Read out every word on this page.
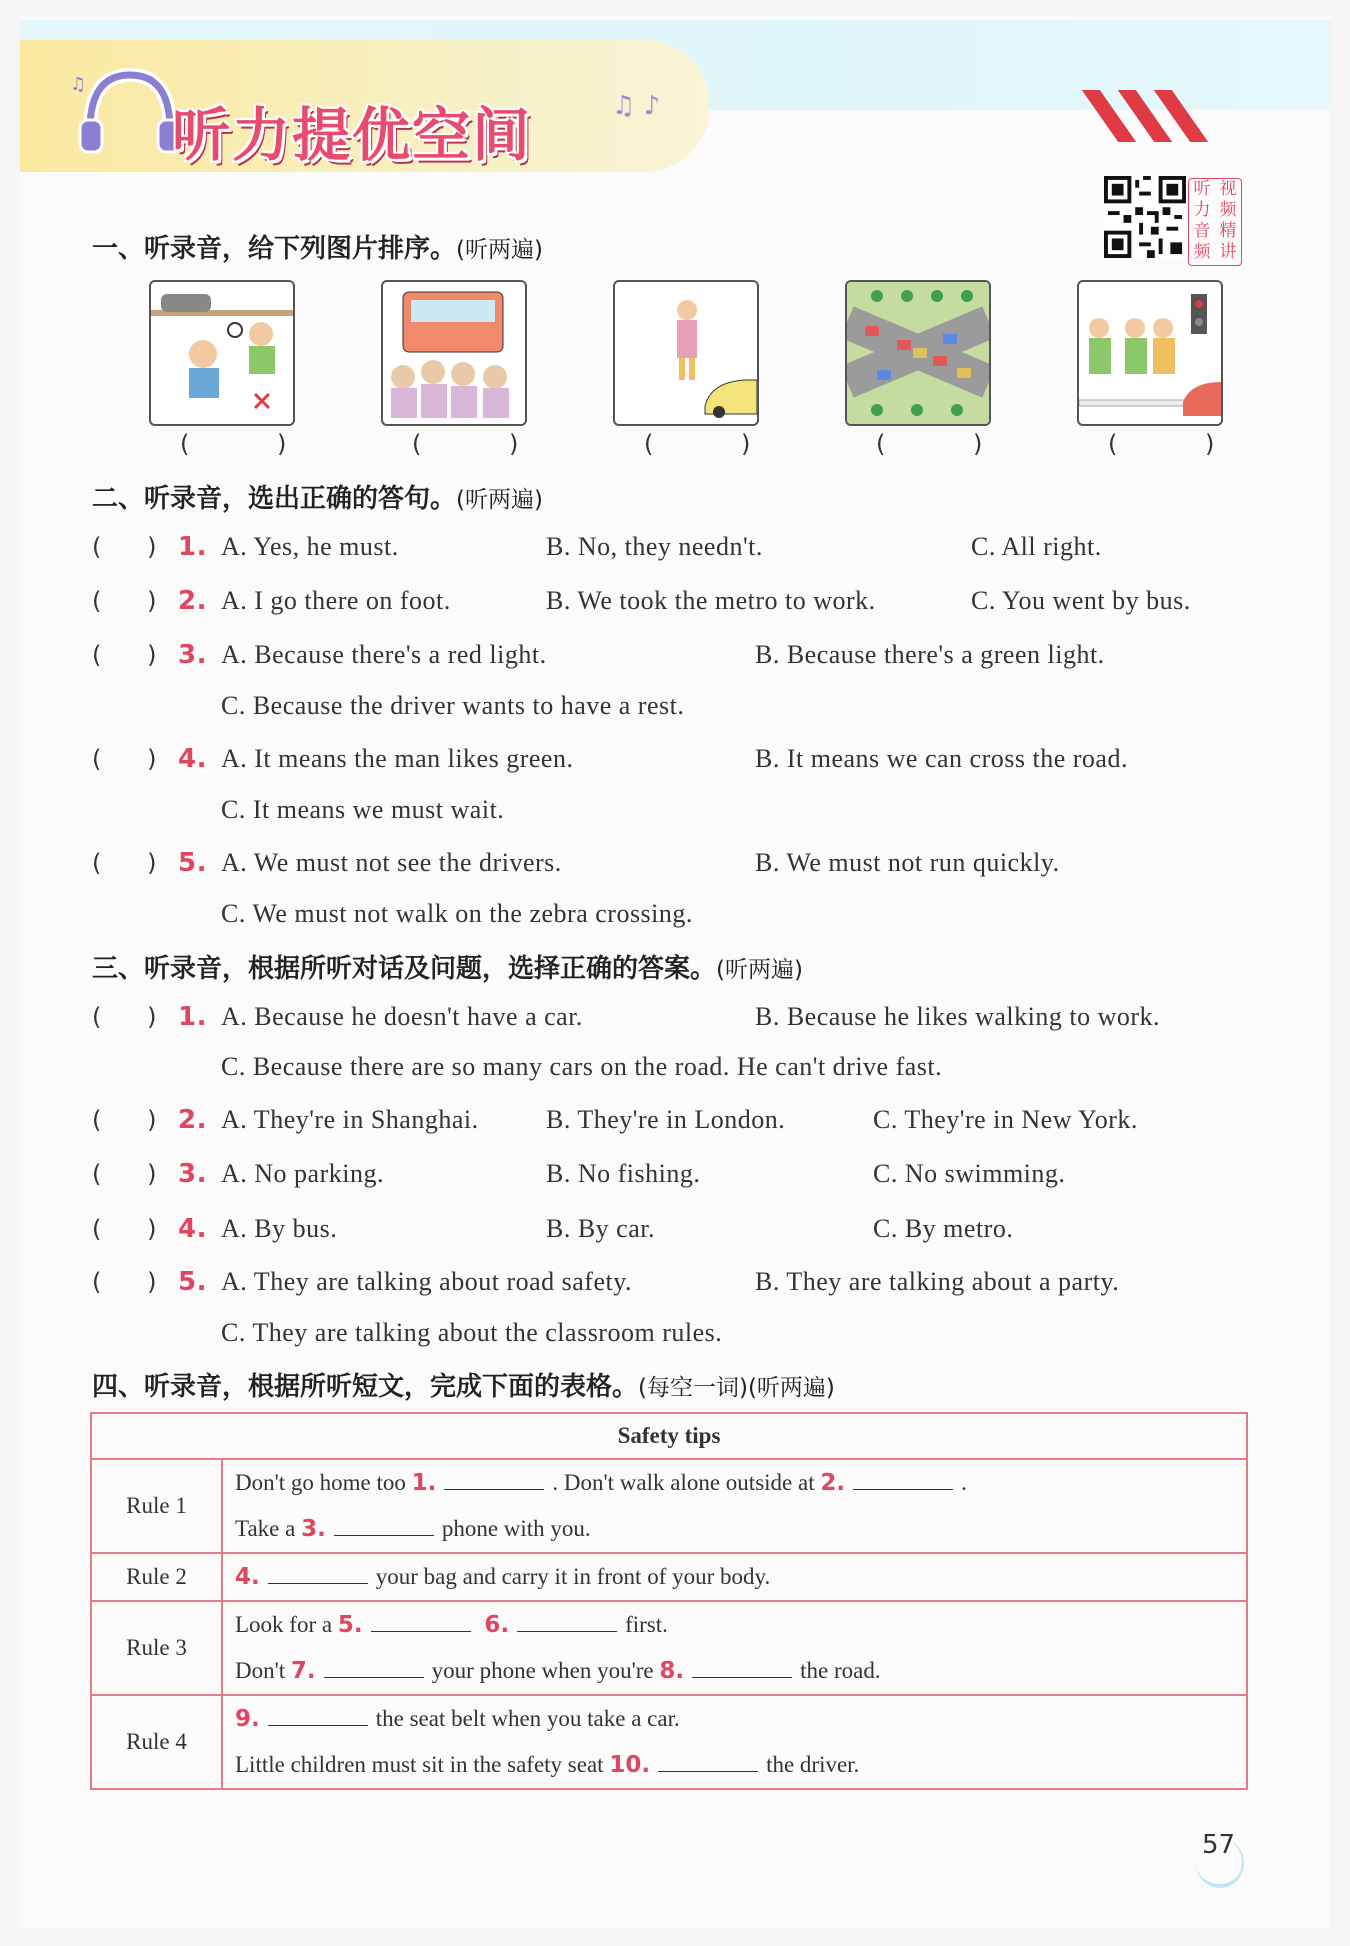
♫
听力提优空间	♫ ♪
听
力
音
频
视
频
精
讲
一、听录音，给下列图片排序。(听两遍)
( )	( )	( )	( )	( )
二、听录音，选出正确的答句。(听两遍)
(      ) 1. A. Yes, he must.	B. No, they needn't.	C. All right.
(      ) 2. A. I go there on foot.	B. We took the metro to work.	C. You went by bus.
(      ) 3. A. Because there's a red light.	B. Because there's a green light.
C. Because the driver wants to have a rest.
(      ) 4. A. It means the man likes green.	B. It means we can cross the road.
C. It means we must wait.
(      ) 5. A. We must not see the drivers.	B. We must not run quickly.
C. We must not walk on the zebra crossing.
三、听录音，根据所听对话及问题，选择正确的答案。(听两遍)
(      ) 1. A. Because he doesn't have a car.	B. Because he likes walking to work.
C. Because there are so many cars on the road. He can't drive fast.
(      ) 2. A. They're in Shanghai.	B. They're in London.	C. They're in New York.
(      ) 3. A. No parking.	B. No fishing.	C. No swimming.
(      ) 4. A. By bus.	B. By car.	C. By metro.
(      ) 5. A. They are talking about road safety.	B. They are talking about a party.
C. They are talking about the classroom rules.
四、听录音，根据所听短文，完成下面的表格。(每空一词)(听两遍)
Safety tips	
Rule 1	Don't go home too 1. . Don't walk alone outside at 2. .
Take a 3. phone with you.

Rule 2	4. your bag and carry it in front of your body.

Rule 3	Look for a 5. 6. first.
Don't 7. your phone when you're 8. the road.

Rule 4	9. the seat belt when you take a car.
Little children must sit in the safety seat 10. the driver.
57
